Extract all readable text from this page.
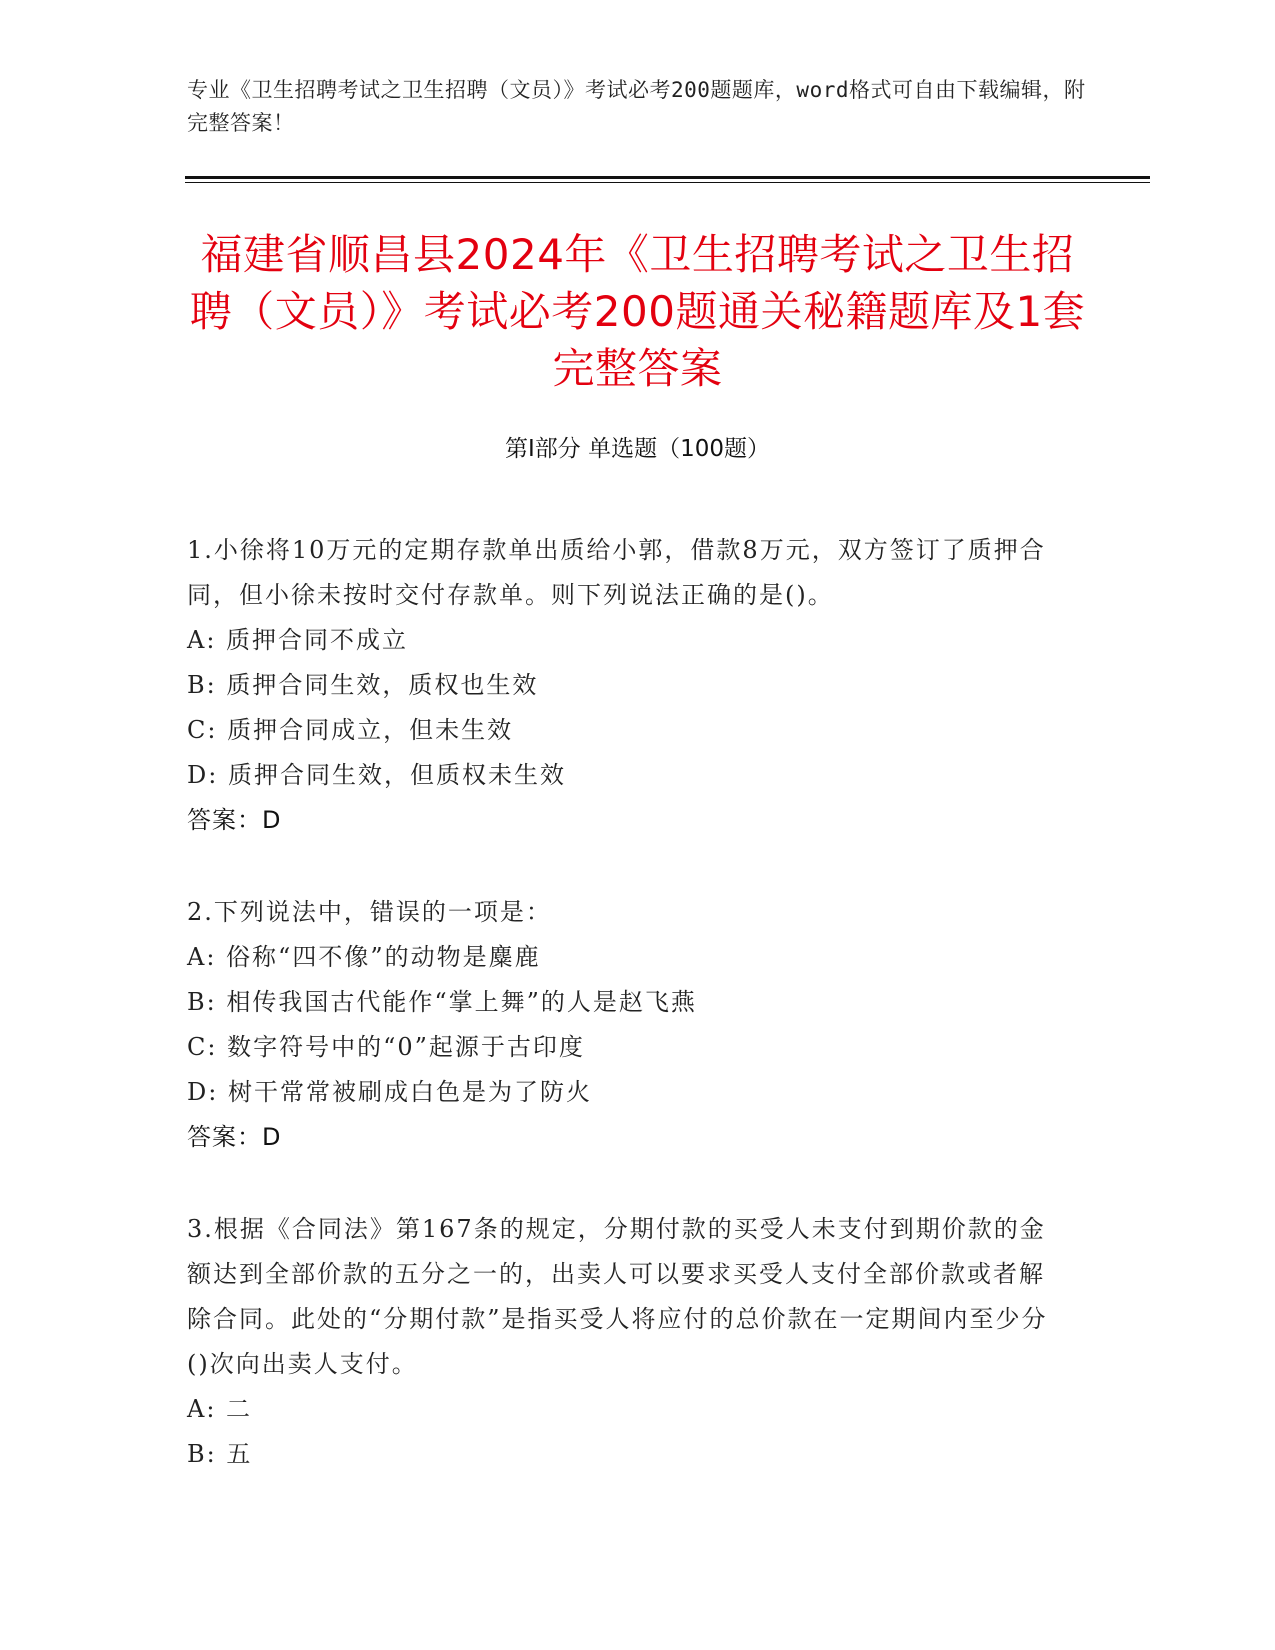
专业《卫生招聘考试之卫生招聘（文员）》考试必考200题题库，word格式可自由下载编辑，附完整答案！
福建省顺昌县2024年《卫生招聘考试之卫生招聘（文员）》考试必考200题通关秘籍题库及1套完整答案
第Ⅰ部分 单选题（100题）

1.小徐将10万元的定期存款单出质给小郭，借款8万元，双方签订了质押合同，但小徐未按时交付存款单。则下列说法正确的是()。

A: 质押合同不成立

B: 质押合同生效，质权也生效

C: 质押合同成立，但未生效

D: 质押合同生效，但质权未生效

答案：D

2.下列说法中，错误的一项是：

A: 俗称“四不像”的动物是麋鹿

B: 相传我国古代能作“掌上舞”的人是赵飞燕

C: 数字符号中的“0”起源于古印度

D: 树干常常被刷成白色是为了防火

答案：D

3.根据《合同法》第167条的规定，分期付款的买受人未支付到期价款的金额达到全部价款的五分之一的，出卖人可以要求买受人支付全部价款或者解除合同。此处的“分期付款”是指买受人将应付的总价款在一定期间内至少分()次向出卖人支付。

A: 二

B: 五
